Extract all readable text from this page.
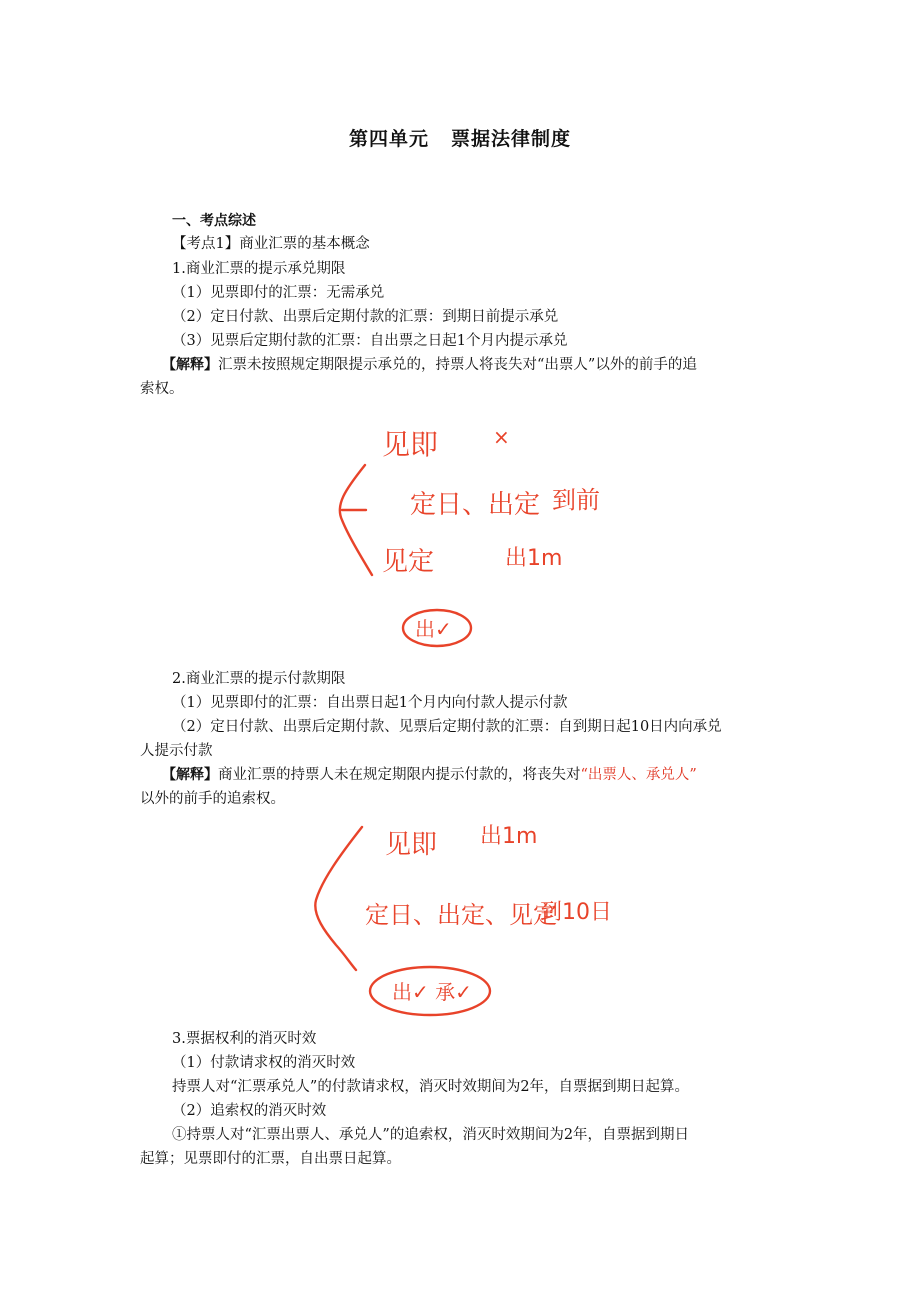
第四单元 票据法律制度
一、考点综述
【考点1】商业汇票的基本概念
1.商业汇票的提示承兑期限
（1）见票即付的汇票：无需承兑
（2）定日付款、出票后定期付款的汇票：到期日前提示承兑
（3）见票后定期付款的汇票：自出票之日起1个月内提示承兑
【解释】汇票未按照规定期限提示承兑的，持票人将丧失对“出票人”以外的前手的追
索权。
见即	×
定日、出定 到前
见定	出1m
出✓
2.商业汇票的提示付款期限
（1）见票即付的汇票：自出票日起1个月内向付款人提示付款
（2）定日付款、出票后定期付款、见票后定期付款的汇票：自到期日起10日内向承兑
人提示付款
【解释】商业汇票的持票人未在规定期限内提示付款的，将丧失对“出票人、承兑人”
以外的前手的追索权。
见即 出1m
定日、出定、见定
到10日
出✓ 承✓
3.票据权利的消灭时效
（1）付款请求权的消灭时效
持票人对“汇票承兑人”的付款请求权，消灭时效期间为2年，自票据到期日起算。
（2）追索权的消灭时效
①持票人对“汇票出票人、承兑人”的追索权，消灭时效期间为2年，自票据到期日
起算；见票即付的汇票，自出票日起算。
